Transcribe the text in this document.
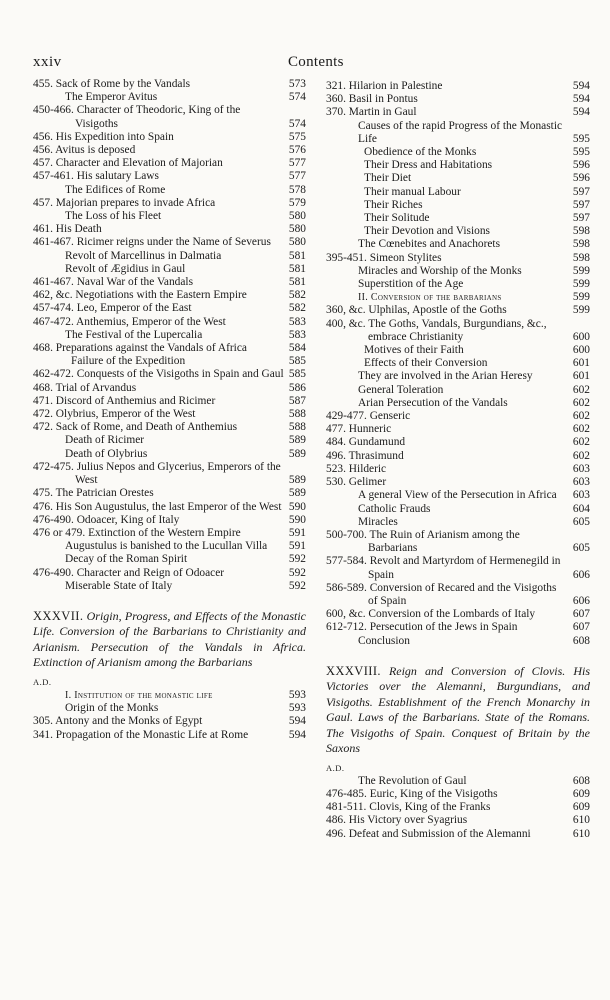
xxiv	Contents
455. Sack of Rome by the Vandals	573
The Emperor Avitus	574
450-466. Character of Theodoric, King of the Visigoths	574
456. His Expedition into Spain	575
456. Avitus is deposed	576
457. Character and Elevation of Majorian	577
457-461. His salutary Laws	577
The Edifices of Rome	578
457. Majorian prepares to invade Africa	579
The Loss of his Fleet	580
461. His Death	580
461-467. Ricimer reigns under the Name of Severus	580
Revolt of Marcellinus in Dalmatia	581
Revolt of Ægidius in Gaul	581
461-467. Naval War of the Vandals	581
462, &c. Negotiations with the Eastern Empire	582
457-474. Leo, Emperor of the East	582
467-472. Anthemius, Emperor of the West	583
The Festival of the Lupercalia	583
468. Preparations against the Vandals of Africa	584
Failure of the Expedition	585
462-472. Conquests of the Visigoths in Spain and Gaul 585
468. Trial of Arvandus	586
471. Discord of Anthemius and Ricimer	587
472. Olybrius, Emperor of the West	588
472. Sack of Rome, and Death of Anthemius	588
Death of Ricimer	589
Death of Olybrius	589
472-475. Julius Nepos and Glycerius, Emperors of the West	589
475. The Patrician Orestes	589
476. His Son Augustulus, the last Emperor of the West 590
476-490. Odoacer, King of Italy	590
476 or 479. Extinction of the Western Empire	591
Augustulus is banished to the Lucullan Villa	591
Decay of the Roman Spirit	592
476-490. Character and Reign of Odoacer	592
Miserable State of Italy	592
XXXVII. Origin, Progress, and Effects of the Monastic Life. Conversion of the Barbarians to Christianity and Arianism. Persecution of the Vandals in Africa. Extinction of Arianism among the Barbarians
A.D.
I. Institution of the monastic life	593
Origin of the Monks	593
305. Antony and the Monks of Egypt	594
341. Propagation of the Monastic Life at Rome	594
321. Hilarion in Palestine	594
360. Basil in Pontus	594
370. Martin in Gaul	594
Causes of the rapid Progress of the Monastic Life	595
Obedience of the Monks	595
Their Dress and Habitations	596
Their Diet	596
Their manual Labour	597
Their Riches	597
Their Solitude	597
Their Devotion and Visions	598
The Cœnebites and Anachorets	598
395-451. Simeon Stylites	598
Miracles and Worship of the Monks	599
Superstition of the Age	599
II. Conversion of the barbarians	599
360, &c. Ulphilas, Apostle of the Goths	599
400, &c. The Goths, Vandals, Burgundians, &c., embrace Christianity	600
Motives of their Faith	600
Effects of their Conversion	601
They are involved in the Arian Heresy	601
General Toleration	602
Arian Persecution of the Vandals	602
429-477. Genseric	602
477. Hunneric	602
484. Gundamund	602
496. Thrasimund	602
523. Hilderic	603
530. Gelimer	603
A general View of the Persecution in Africa	603
Catholic Frauds	604
Miracles	605
500-700. The Ruin of Arianism among the Barbarians	605
577-584. Revolt and Martyrdom of Hermenegild in Spain	606
586-589. Conversion of Recared and the Visigoths of Spain	606
600, &c. Conversion of the Lombards of Italy	607
612-712. Persecution of the Jews in Spain	607
Conclusion	608
XXXVIII. Reign and Conversion of Clovis. His Victories over the Alemanni, Burgundians, and Visigoths. Establishment of the French Monarchy in Gaul. Laws of the Barbarians. State of the Romans. The Visigoths of Spain. Conquest of Britain by the Saxons
A.D.
The Revolution of Gaul	608
476-485. Euric, King of the Visigoths	609
481-511. Clovis, King of the Franks	609
486. His Victory over Syagrius	610
496. Defeat and Submission of the Alemanni	610
